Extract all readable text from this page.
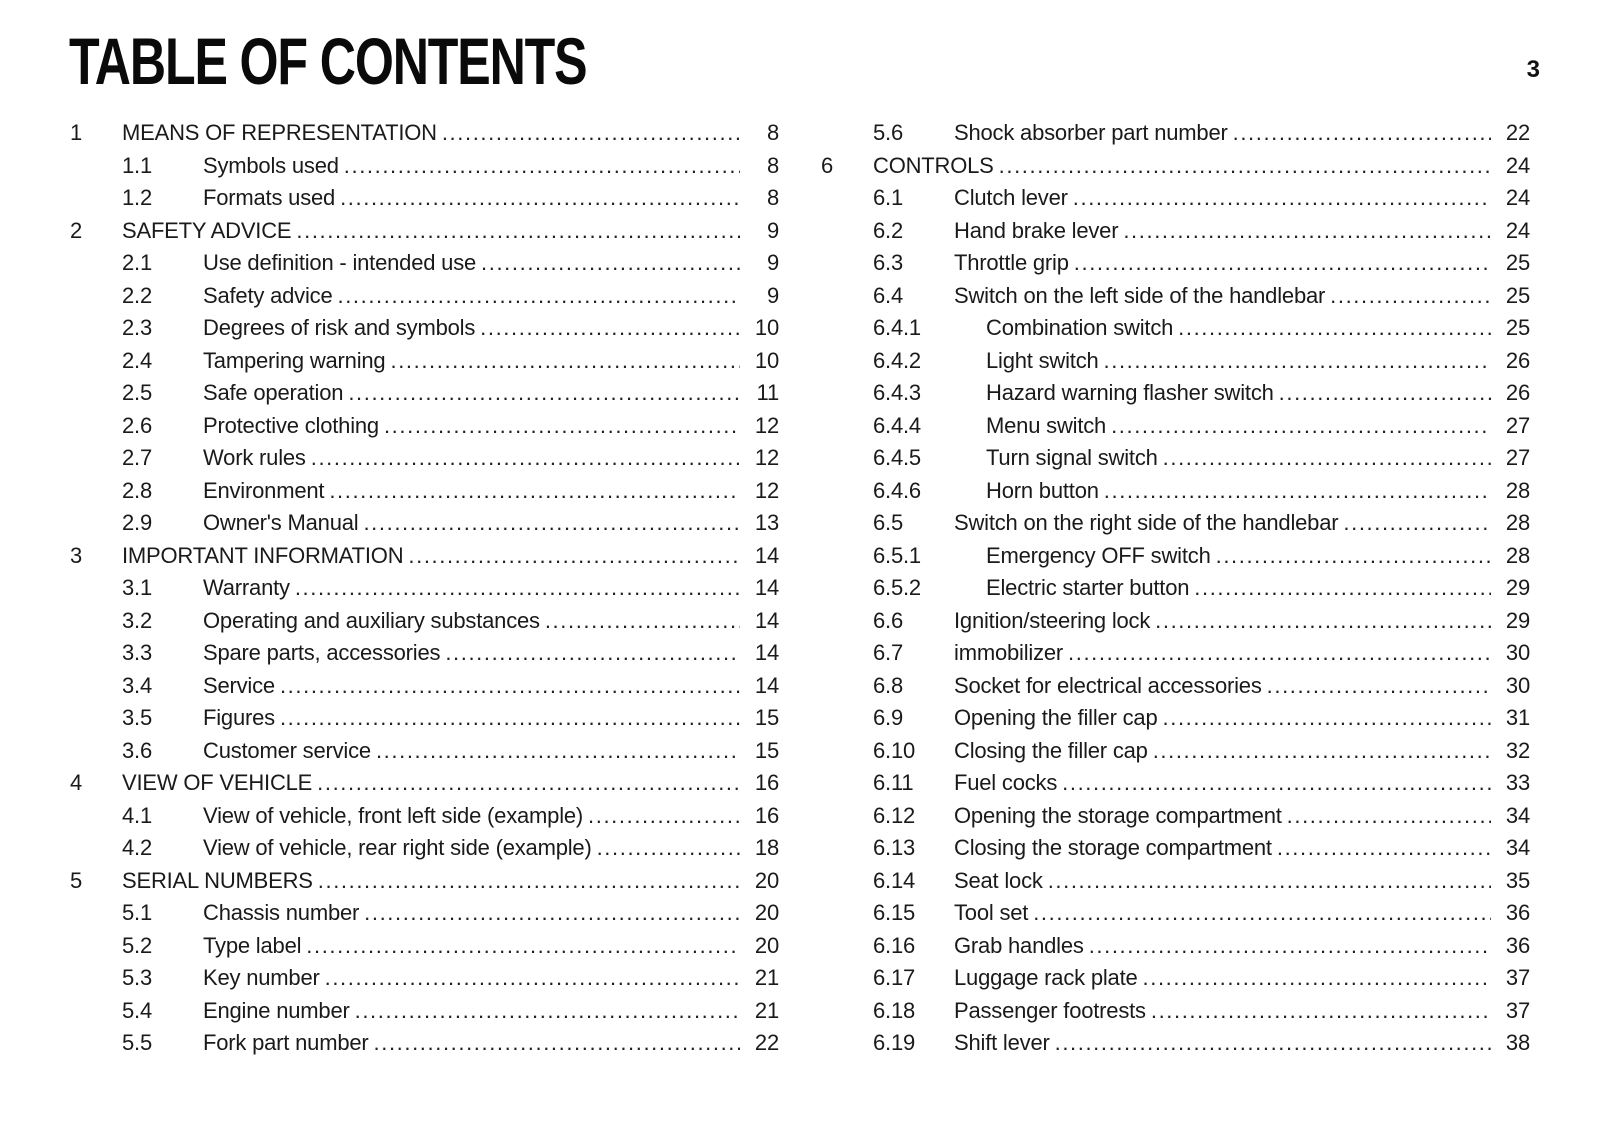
TABLE OF CONTENTS	3
1	MEANS OF REPRESENTATION .....	8
1.1	Symbols used .....	8
1.2	Formats used .....	8
2	SAFETY ADVICE .....	9
2.1	Use definition - intended use .....	9
2.2	Safety advice .....	9
2.3	Degrees of risk and symbols .....	10
2.4	Tampering warning .....	10
2.5	Safe operation .....	11
2.6	Protective clothing .....	12
2.7	Work rules .....	12
2.8	Environment .....	12
2.9	Owner's Manual .....	13
3	IMPORTANT INFORMATION .....	14
3.1	Warranty .....	14
3.2	Operating and auxiliary substances .....	14
3.3	Spare parts, accessories .....	14
3.4	Service .....	14
3.5	Figures .....	15
3.6	Customer service .....	15
4	VIEW OF VEHICLE .....	16
4.1	View of vehicle, front left side (example) .....	16
4.2	View of vehicle, rear right side (example) .....	18
5	SERIAL NUMBERS .....	20
5.1	Chassis number .....	20
5.2	Type label .....	20
5.3	Key number .....	21
5.4	Engine number .....	21
5.5	Fork part number .....	22
5.6	Shock absorber part number .....	22
6	CONTROLS .....	24
6.1	Clutch lever .....	24
6.2	Hand brake lever .....	24
6.3	Throttle grip .....	25
6.4	Switch on the left side of the handlebar .....	25
6.4.1	Combination switch .....	25
6.4.2	Light switch .....	26
6.4.3	Hazard warning flasher switch .....	26
6.4.4	Menu switch .....	27
6.4.5	Turn signal switch .....	27
6.4.6	Horn button .....	28
6.5	Switch on the right side of the handlebar .....	28
6.5.1	Emergency OFF switch .....	28
6.5.2	Electric starter button .....	29
6.6	Ignition/steering lock .....	29
6.7	immobilizer .....	30
6.8	Socket for electrical accessories .....	30
6.9	Opening the filler cap .....	31
6.10	Closing the filler cap .....	32
6.11	Fuel cocks .....	33
6.12	Opening the storage compartment .....	34
6.13	Closing the storage compartment .....	34
6.14	Seat lock .....	35
6.15	Tool set .....	36
6.16	Grab handles .....	36
6.17	Luggage rack plate .....	37
6.18	Passenger footrests .....	37
6.19	Shift lever .....	38
